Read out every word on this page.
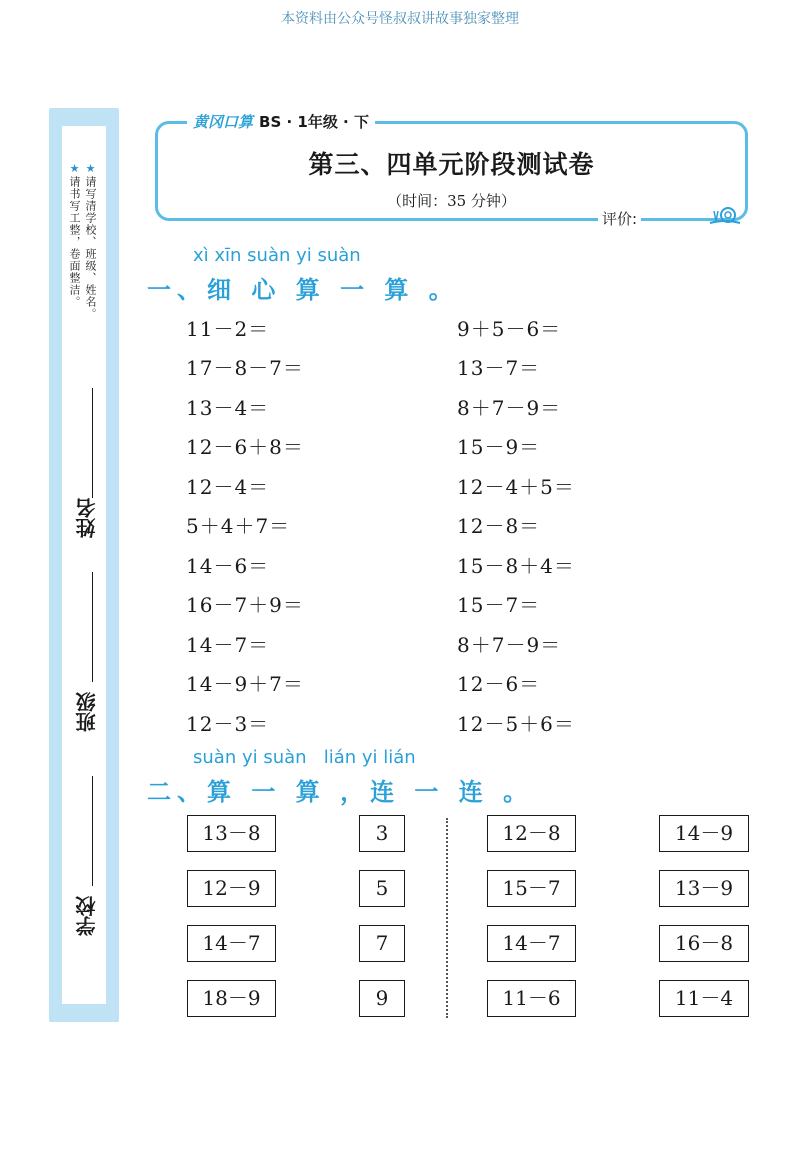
本资料由公众号怪叔叔讲故事独家整理
★请写清学校、班级、姓名。
★请书写工整，卷面整洁。
姓名
班级
学校
黄冈口算 BS · 1年级 · 下
第三、四单元阶段测试卷
（时间：35 分钟）
评价:
xì xīn suàn yi suàn
一、细 心 算 一 算 。
11－2＝
17－8－7＝
13－4＝
12－6＋8＝
12－4＝
5＋4＋7＝
14－6＝
16－7＋9＝
14－7＝
14－9＋7＝
12－3＝
9＋5－6＝
13－7＝
8＋7－9＝
15－9＝
12－4＋5＝
12－8＝
15－8＋4＝
15－7＝
8＋7－9＝
12－6＝
12－5＋6＝
suàn yi suàn   lián yi lián
二、算 一 算 ，连 一 连 。
13－8
12－9
14－7
18－9
3
5
7
9
12－8
15－7
14－7
11－6
14－9
13－9
16－8
11－4
